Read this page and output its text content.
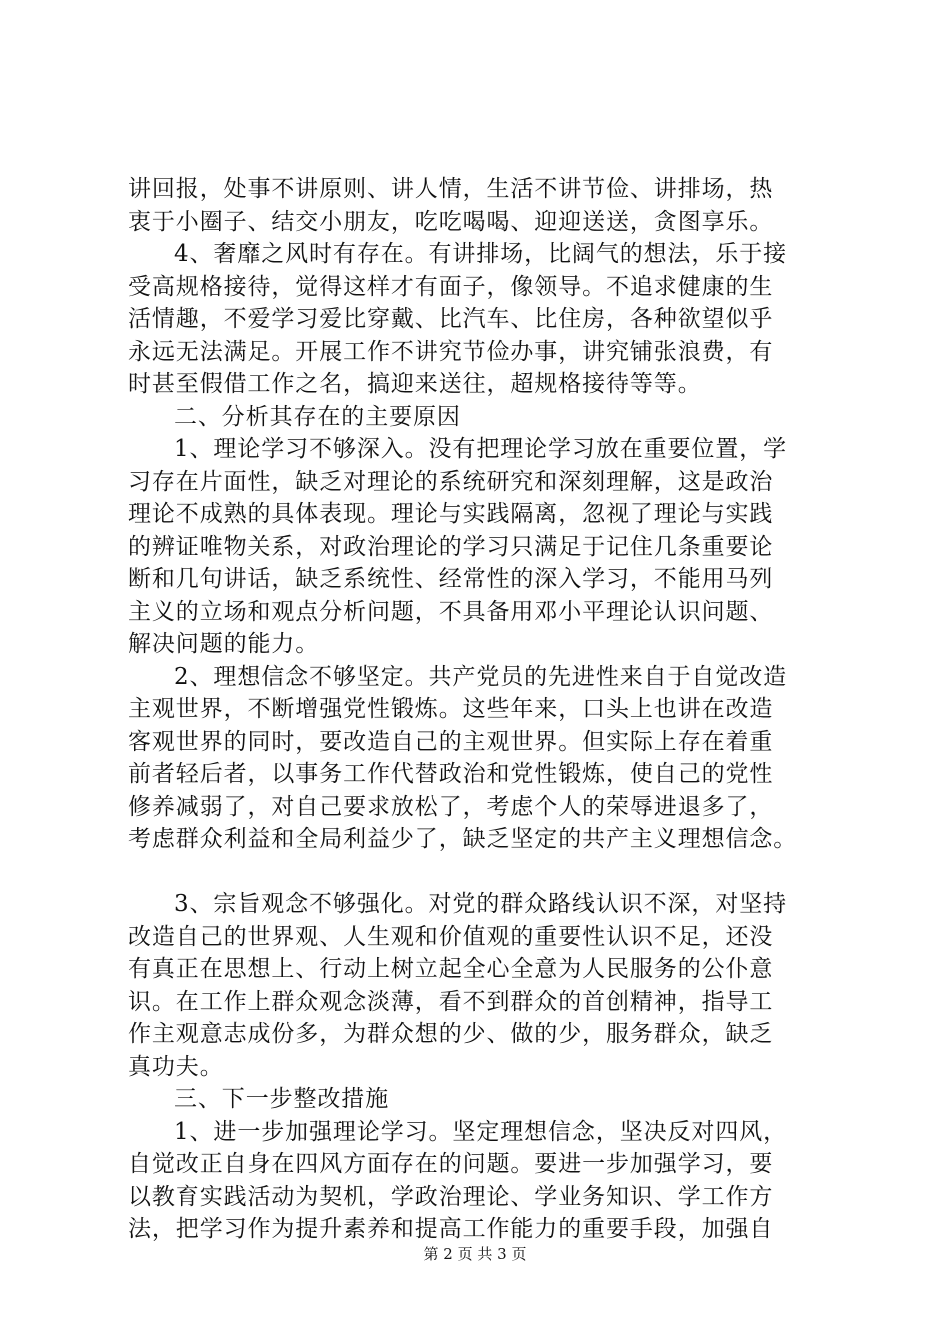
讲回报，处事不讲原则、讲人情，生活不讲节俭、讲排场，热
衷于小圈子、结交小朋友，吃吃喝喝、迎迎送送，贪图享乐。
4、奢靡之风时有存在。有讲排场，比阔气的想法，乐于接
受高规格接待，觉得这样才有面子，像领导。不追求健康的生
活情趣，不爱学习爱比穿戴、比汽车、比住房，各种欲望似乎
永远无法满足。开展工作不讲究节俭办事，讲究铺张浪费，有
时甚至假借工作之名，搞迎来送往，超规格接待等等。
二、分析其存在的主要原因
1、理论学习不够深入。没有把理论学习放在重要位置，学
习存在片面性，缺乏对理论的系统研究和深刻理解，这是政治
理论不成熟的具体表现。理论与实践隔离，忽视了理论与实践
的辨证唯物关系，对政治理论的学习只满足于记住几条重要论
断和几句讲话，缺乏系统性、经常性的深入学习，不能用马列
主义的立场和观点分析问题，不具备用邓小平理论认识问题、
解决问题的能力。
2、理想信念不够坚定。共产党员的先进性来自于自觉改造
主观世界，不断增强党性锻炼。这些年来，口头上也讲在改造
客观世界的同时，要改造自己的主观世界。但实际上存在着重
前者轻后者，以事务工作代替政治和党性锻炼，使自己的党性
修养减弱了，对自己要求放松了，考虑个人的荣辱进退多了，
考虑群众利益和全局利益少了，缺乏坚定的共产主义理想信念。
3、宗旨观念不够强化。对党的群众路线认识不深，对坚持
改造自己的世界观、人生观和价值观的重要性认识不足，还没
有真正在思想上、行动上树立起全心全意为人民服务的公仆意
识。在工作上群众观念淡薄，看不到群众的首创精神，指导工
作主观意志成份多，为群众想的少、做的少，服务群众，缺乏
真功夫。
三、下一步整改措施
1、进一步加强理论学习。坚定理想信念，坚决反对四风，
自觉改正自身在四风方面存在的问题。要进一步加强学习，要
以教育实践活动为契机，学政治理论、学业务知识、学工作方
法，把学习作为提升素养和提高工作能力的重要手段，加强自
第 2 页 共 3 页
